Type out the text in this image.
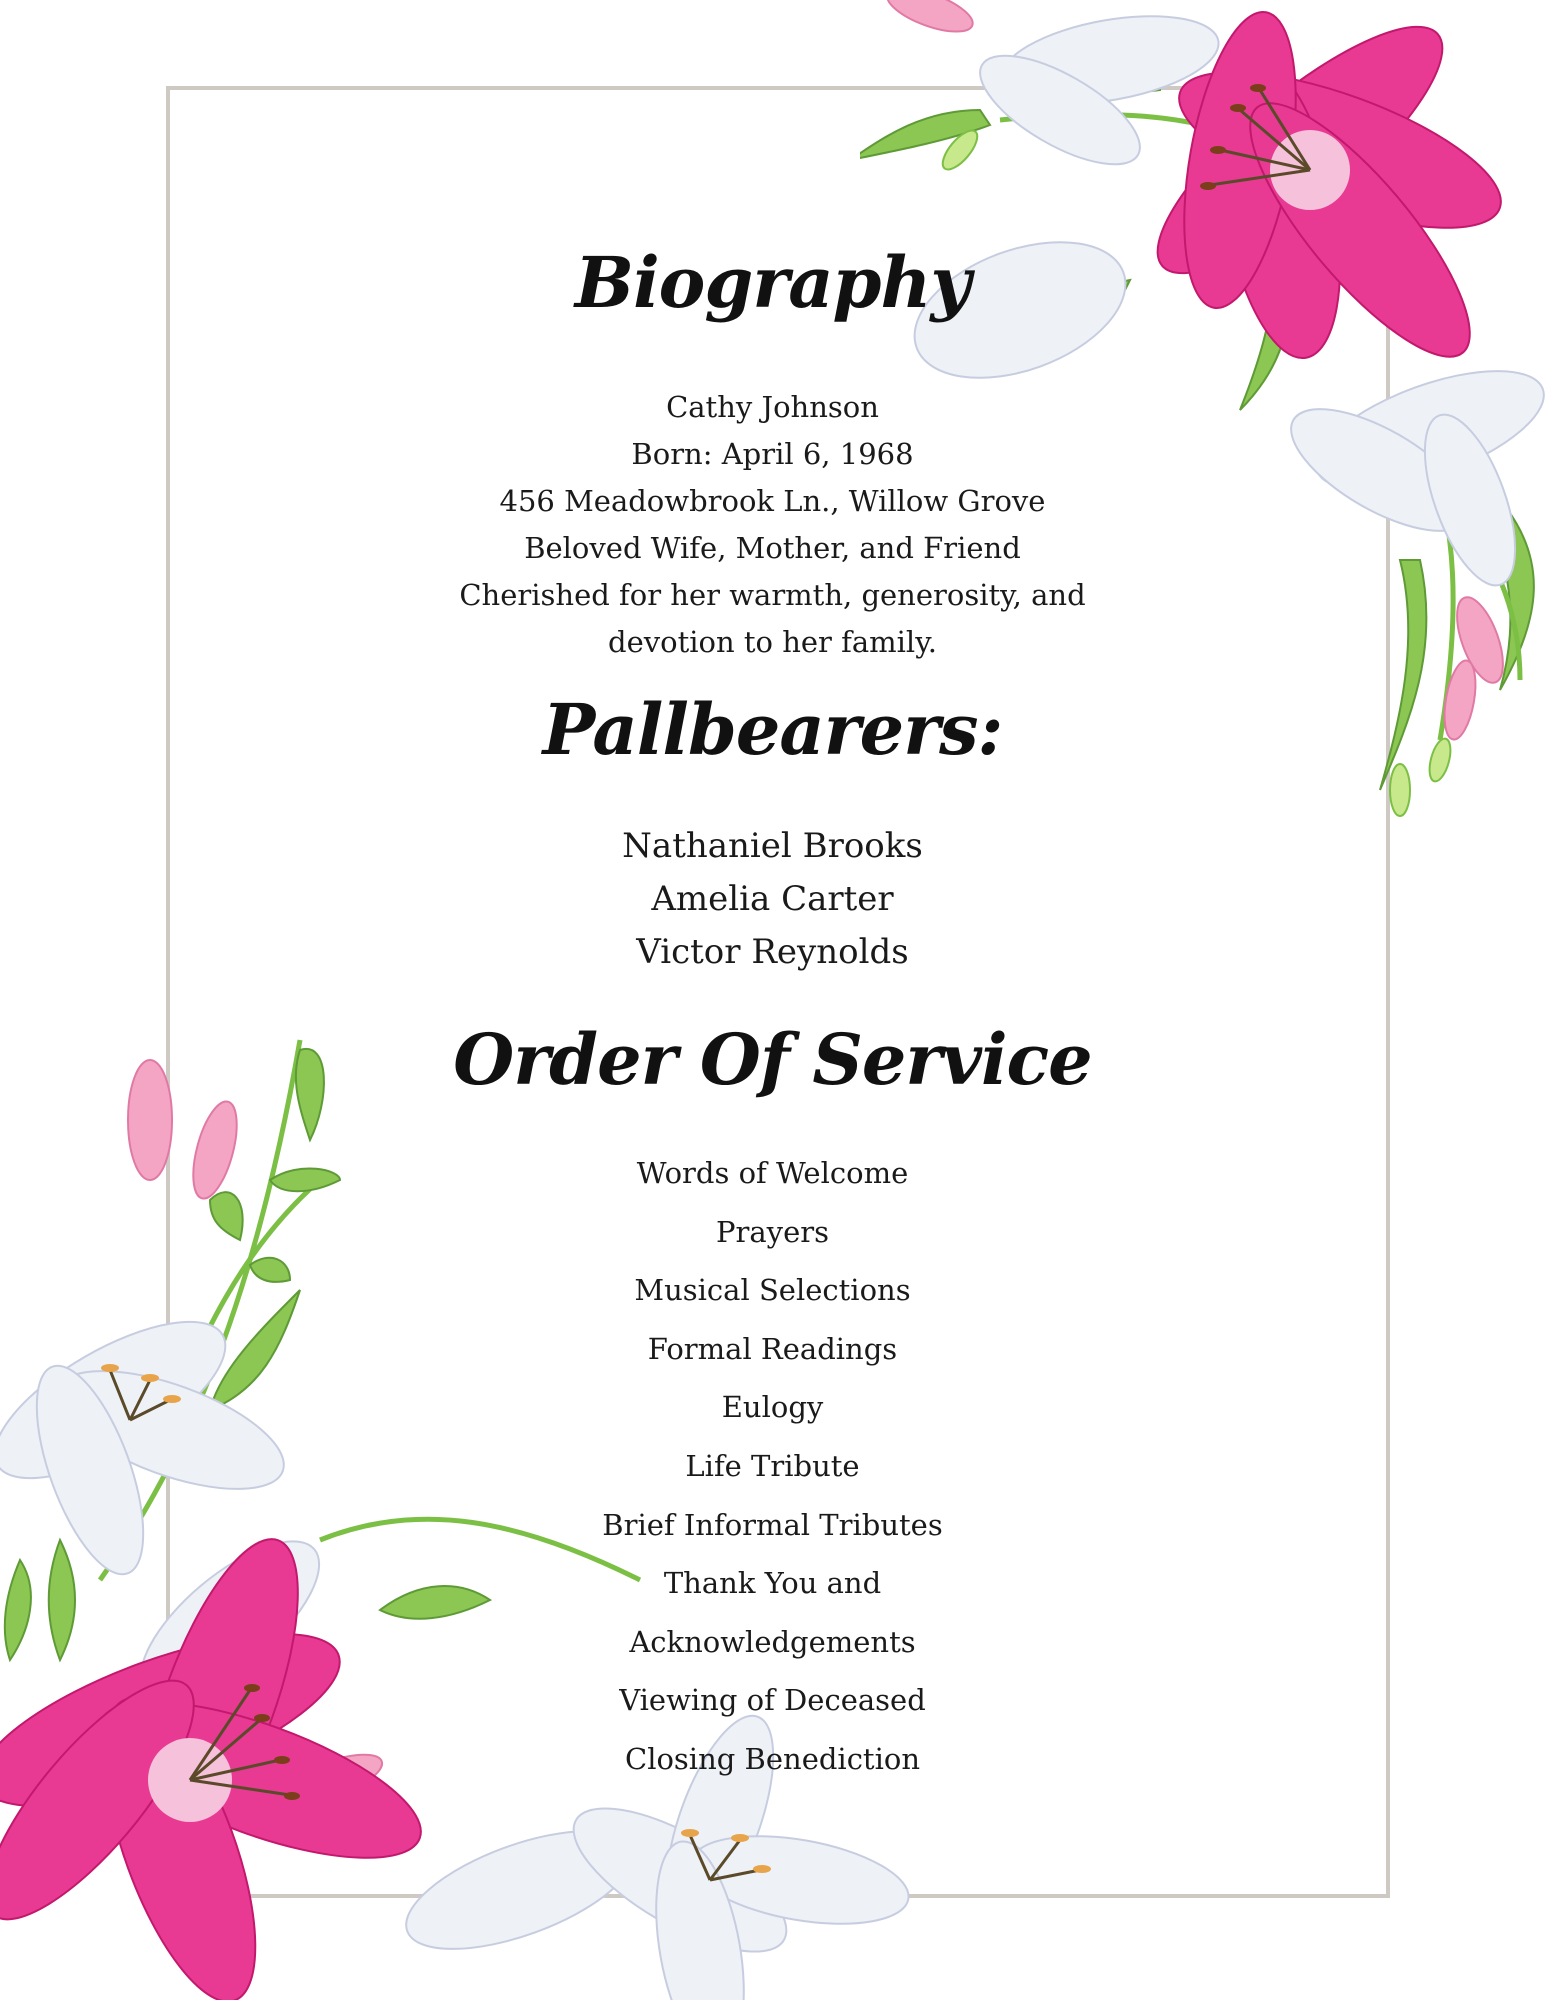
Biography
Cathy Johnson
Born: April 6, 1968
456 Meadowbrook Ln., Willow Grove
Beloved Wife, Mother, and Friend
Cherished for her warmth, generosity, and
devotion to her family.
Pallbearers:
Nathaniel Brooks
Amelia Carter
Victor Reynolds
Order Of Service
Words of Welcome
Prayers
Musical Selections
Formal Readings
Eulogy
Life Tribute
Brief Informal Tributes
Thank You and
Acknowledgements
Viewing of Deceased
Closing Benediction
